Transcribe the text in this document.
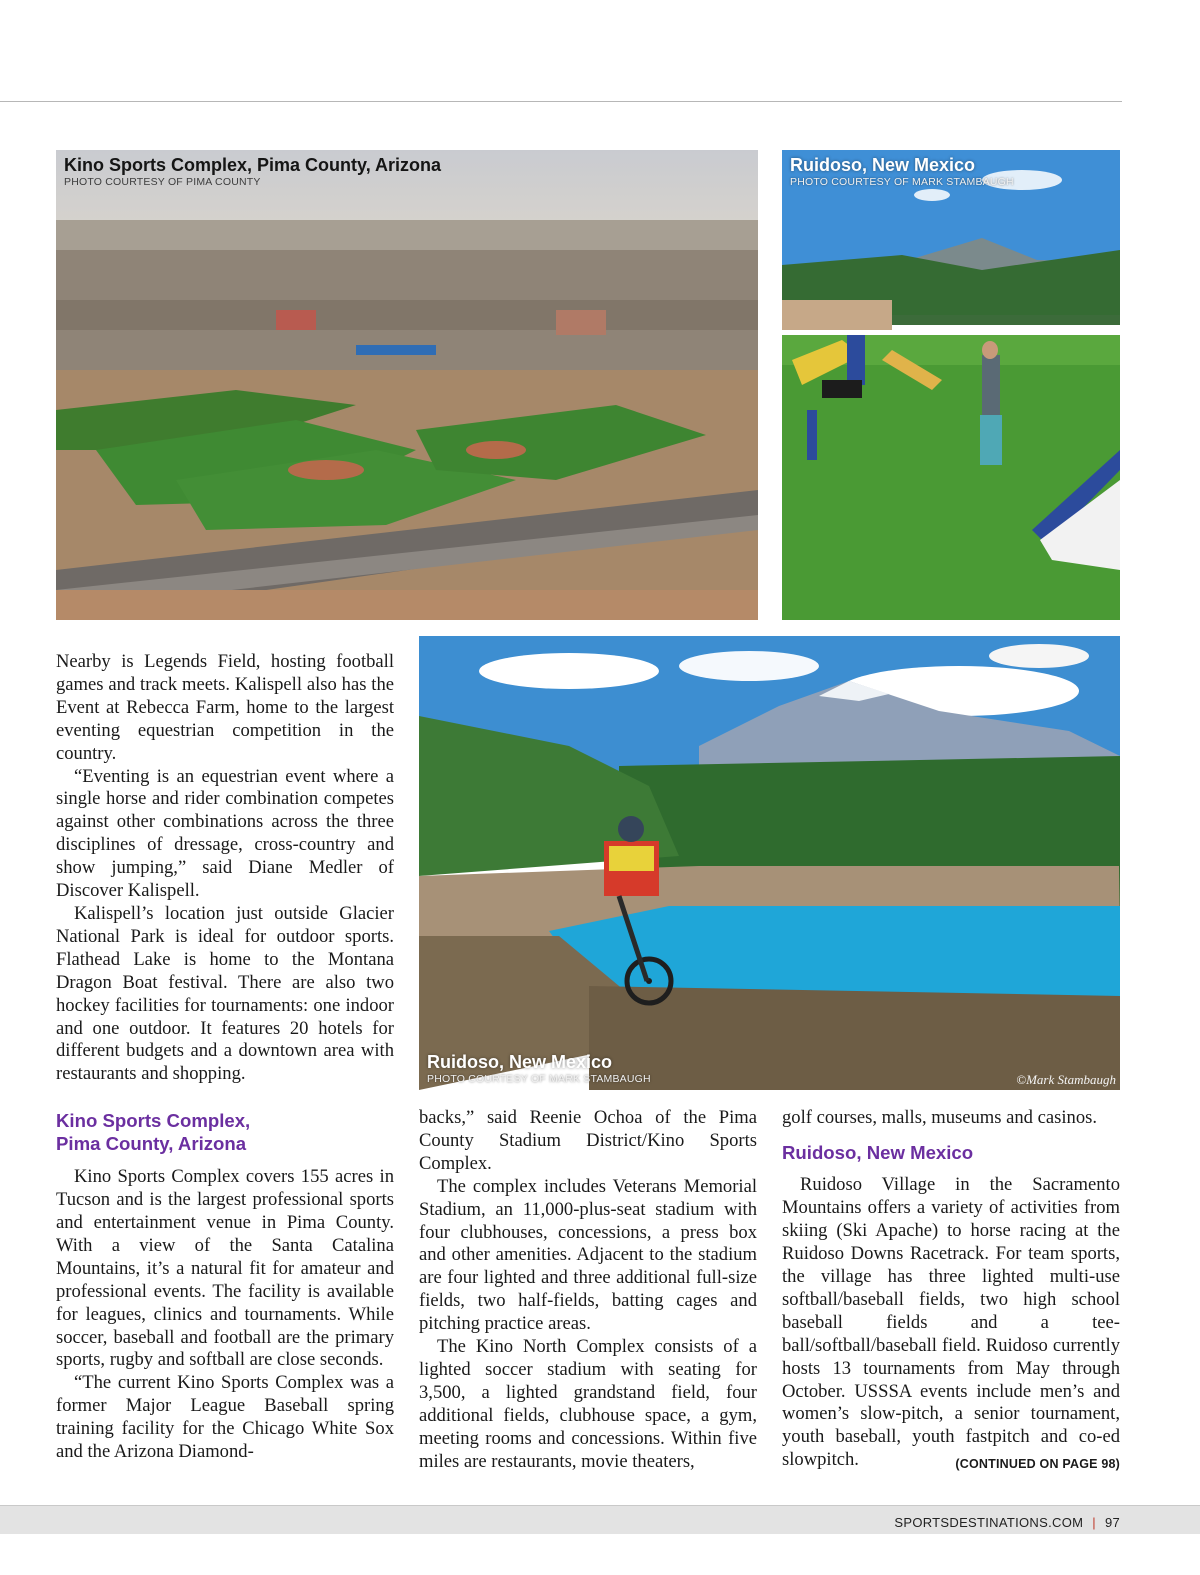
Kino Sports Complex, Pima County, Arizona
PHOTO COURTESY OF PIMA COUNTY
Ruidoso, New Mexico
PHOTO COURTESY OF MARK STAMBAUGH
Ruidoso, New Mexico
PHOTO COURTESY OF MARK STAMBAUGH	©Mark Stambaugh

Nearby is Legends Field, hosting football games and track meets. Kalispell also has the Event at Rebecca Farm, home to the largest eventing equestrian competition in the country.

“Eventing is an equestrian event where a single horse and rider combination competes against other combinations across the three disciplines of dressage, cross-country and show jumping,” said Diane Medler of Discover Kalispell.

Kalispell’s location just outside Glacier National Park is ideal for outdoor sports. Flathead Lake is home to the Montana Dragon Boat festival. There are also two hockey facilities for tournaments: one indoor and one outdoor. It features 20 hotels for different budgets and a downtown area with restaurants and shopping.

Kino Sports Complex,
Pima County, Arizona

Kino Sports Complex covers 155 acres in Tucson and is the largest professional sports and entertainment venue in Pima County. With a view of the Santa Catalina Mountains, it’s a natural fit for amateur and professional events. The facility is available for leagues, clinics and tournaments. While soccer, baseball and football are the primary sports, rugby and softball are close seconds.

“The current Kino Sports Complex was a former Major League Baseball spring training facility for the Chicago White Sox and the Arizona Diamond-

backs,” said Reenie Ochoa of the Pima County Stadium District/Kino Sports Complex.

The complex includes Veterans Memorial Stadium, an 11,000-plus-seat stadium with four clubhouses, concessions, a press box and other amenities. Adjacent to the stadium are four lighted and three additional full-size fields, two half-fields, batting cages and pitching practice areas.

The Kino North Complex consists of a lighted soccer stadium with seating for 3,500, a lighted grandstand field, four additional fields, clubhouse space, a gym, meeting rooms and concessions. Within five miles are restaurants, movie theaters,

golf courses, malls, museums and casinos.

Ruidoso, New Mexico

Ruidoso Village in the Sacramento Mountains offers a variety of activities from skiing (Ski Apache) to horse racing at the Ruidoso Downs Racetrack. For team sports, the village has three lighted multi-use softball/baseball fields, two high school baseball fields and a tee-ball/softball/baseball field. Ruidoso currently hosts 13 tournaments from May through October. USSSA events include men’s and women’s slow-pitch, a senior tournament, youth baseball, youth fastpitch and co-ed slowpitch.	(CONTINUED ON PAGE 98)

SPORTSDESTINATIONS.COM | 97
